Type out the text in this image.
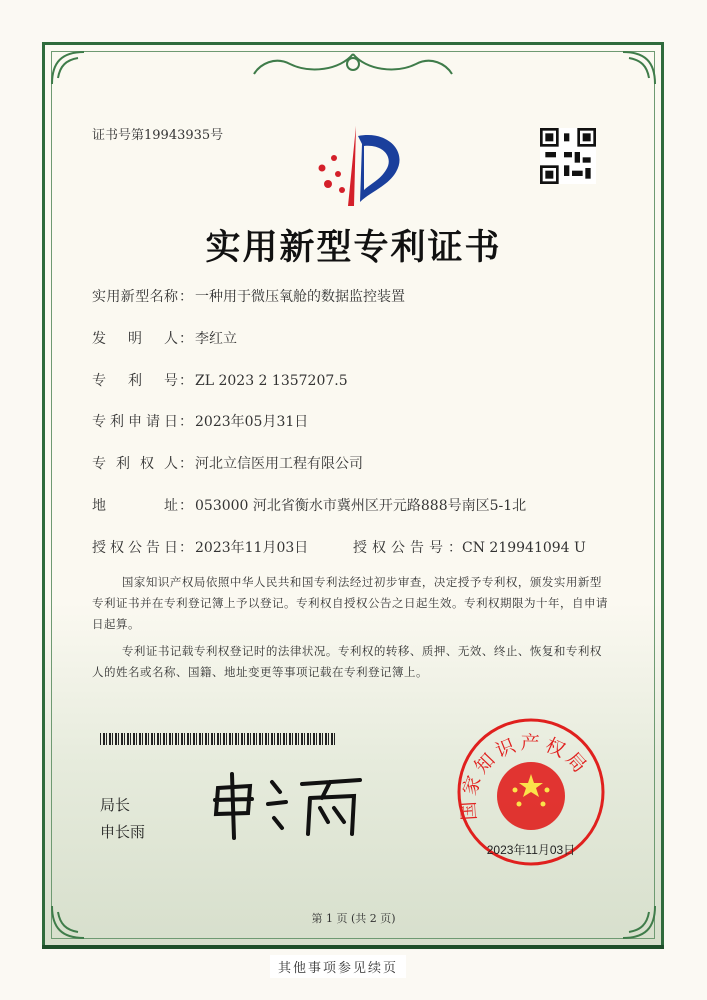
证书号第19943935号
实用新型专利证书
实用新型名称 ： 一种用于微压氧舱的数据监控装置
发明人 ： 李红立
专利号 ： ZL 2023 2 1357207.5
专利申请日 ： 2023年05月31日
专利权人 ： 河北立信医用工程有限公司
地址 ： 053000 河北省衡水市冀州区开元路888号南区5-1北
授权公告日 ： 2023年11月03日	授权公告号：CN 219941094 U
国家知识产权局依照中华人民共和国专利法经过初步审查，决定授予专利权，颁发实用新型专利证书并在专利登记簿上予以登记。专利权自授权公告之日起生效。专利权期限为十年，自申请日起算。
专利证书记载专利权登记时的法律状况。专利权的转移、质押、无效、终止、恢复和专利权人的姓名或名称、国籍、地址变更等事项记载在专利登记簿上。
局长
申长雨
国家知识产权局
2023年11月03日
第 1 页 (共 2 页)
其他事项参见续页
